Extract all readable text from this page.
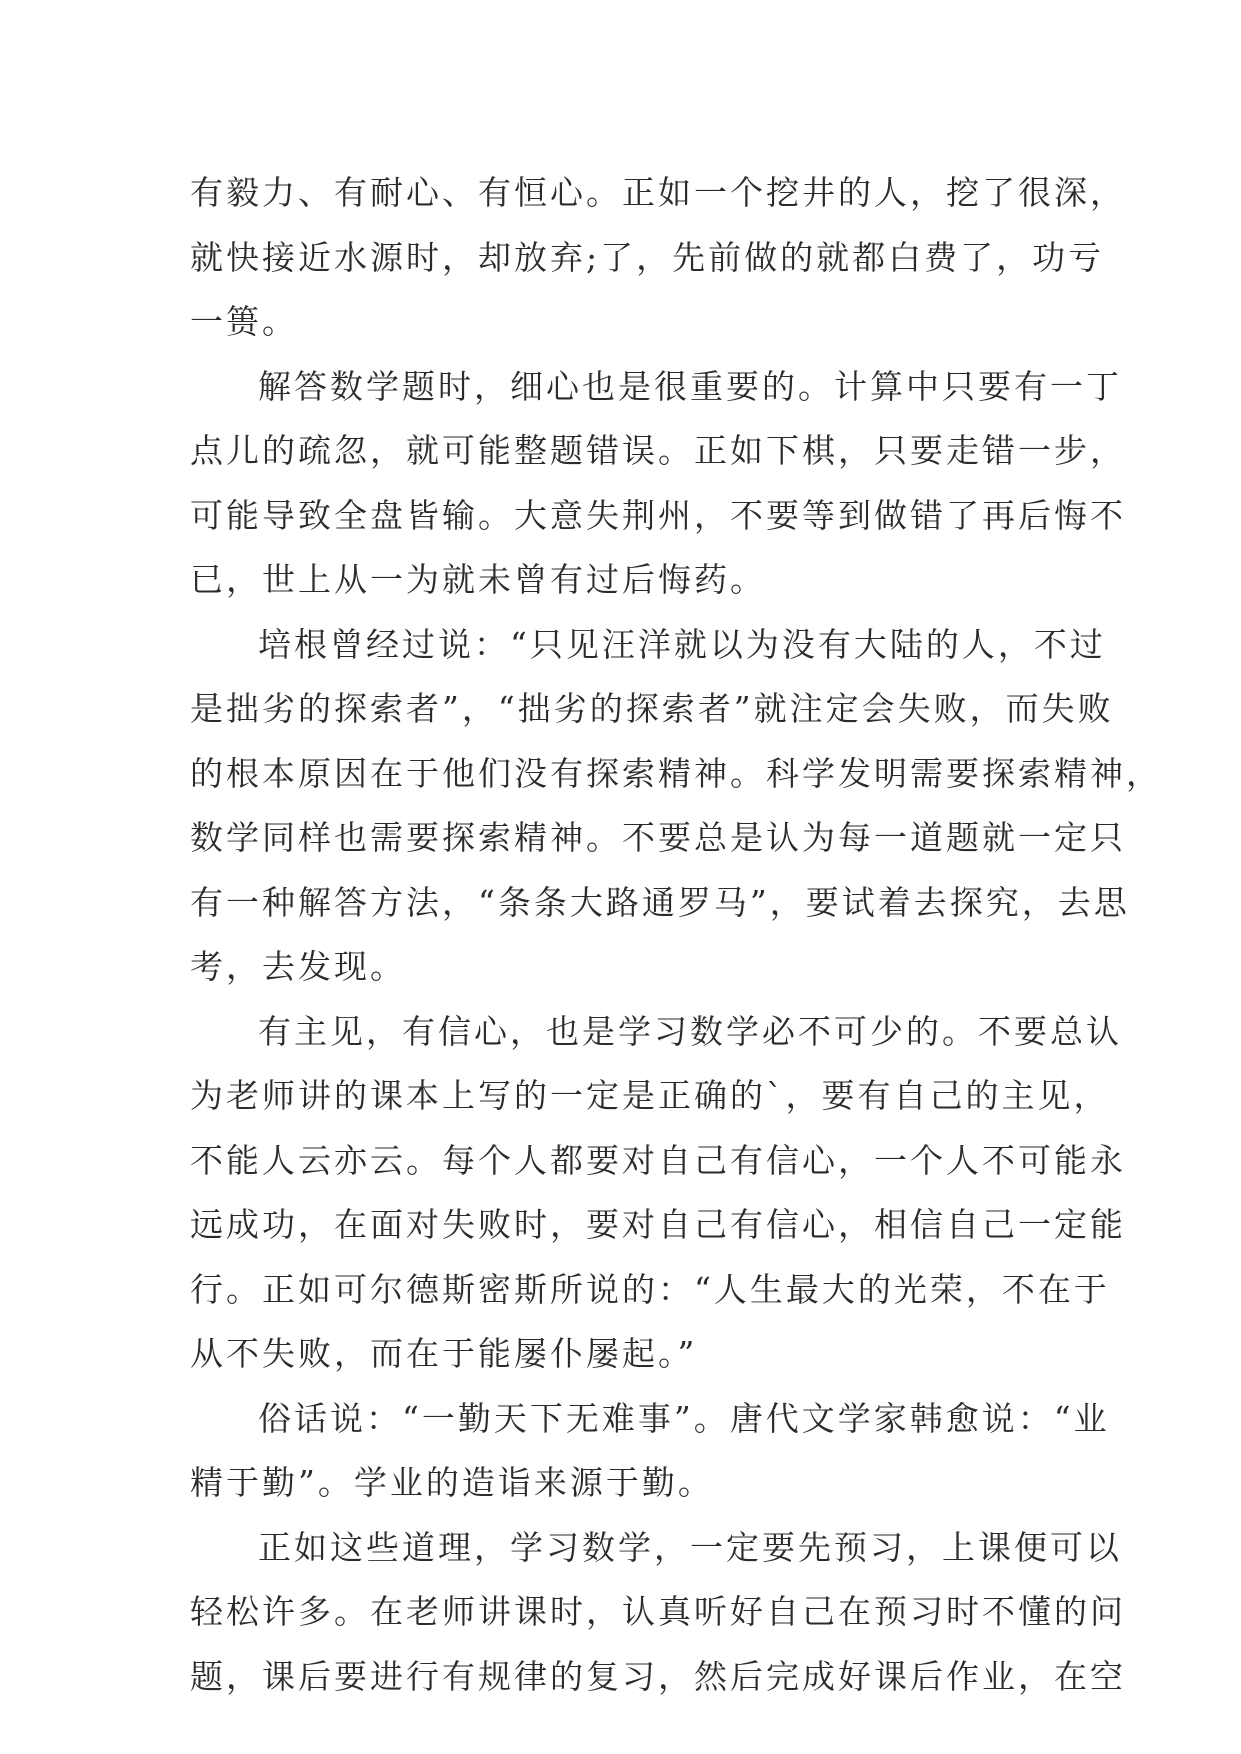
有毅力、有耐心、有恒心。正如一个挖井的人，挖了很深，
就快接近水源时，却放弃;了，先前做的就都白费了，功亏
一篑。
解答数学题时，细心也是很重要的。计算中只要有一丁
点儿的疏忽，就可能整题错误。正如下棋，只要走错一步，
可能导致全盘皆输。大意失荆州，不要等到做错了再后悔不
已，世上从一为就未曾有过后悔药。
培根曾经过说：“只见汪洋就以为没有大陆的人，不过
是拙劣的探索者”，“拙劣的探索者”就注定会失败，而失败
的根本原因在于他们没有探索精神。科学发明需要探索精神，
数学同样也需要探索精神。不要总是认为每一道题就一定只
有一种解答方法，“条条大路通罗马”，要试着去探究，去思
考，去发现。
有主见，有信心，也是学习数学必不可少的。不要总认
为老师讲的课本上写的一定是正确的`，要有自己的主见，
不能人云亦云。每个人都要对自己有信心，一个人不可能永
远成功，在面对失败时，要对自己有信心，相信自己一定能
行。正如可尔德斯密斯所说的：“人生最大的光荣，不在于
从不失败，而在于能屡仆屡起。”
俗话说：“一勤天下无难事”。唐代文学家韩愈说：“业
精于勤”。学业的造诣来源于勤。
正如这些道理，学习数学，一定要先预习，上课便可以
轻松许多。在老师讲课时，认真听好自己在预习时不懂的问
题，课后要进行有规律的复习，然后完成好课后作业，在空
